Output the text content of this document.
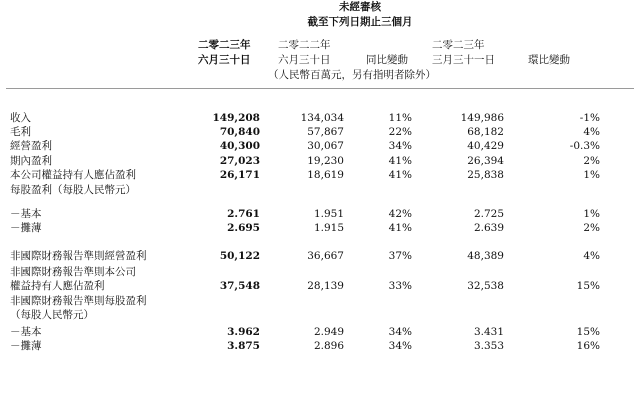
未經審核
截至下列日期止三個月
二零二三年
六月三十日
二零二二年
六月三十日	同比變動
二零二三年
三月三十一日	環比變動
（人民幣百萬元，另有指明者除外）
收入	149,208	134,034	11%	149,986	-1%
毛利	70,840	57,867	22%	68,182	4%
經營盈利	40,300	30,067	34%	40,429	-0.3%
期內盈利	27,023	19,230	41%	26,394	2%
本公司權益持有人應佔盈利	26,171	18,619	41%	25,838	1%
每股盈利（每股人民幣元）
－基本	2.761	1.951	42%	2.725	1%
－攤薄	2.695	1.915	41%	2.639	2%
非國際財務報告準則經營盈利	50,122	36,667	37%	48,389	4%
非國際財務報告準則本公司
權益持有人應佔盈利	37,548	28,139	33%	32,538	15%
非國際財務報告準則每股盈利
（每股人民幣元）
－基本	3.962	2.949	34%	3.431	15%
－攤薄	3.875	2.896	34%	3.353	16%
